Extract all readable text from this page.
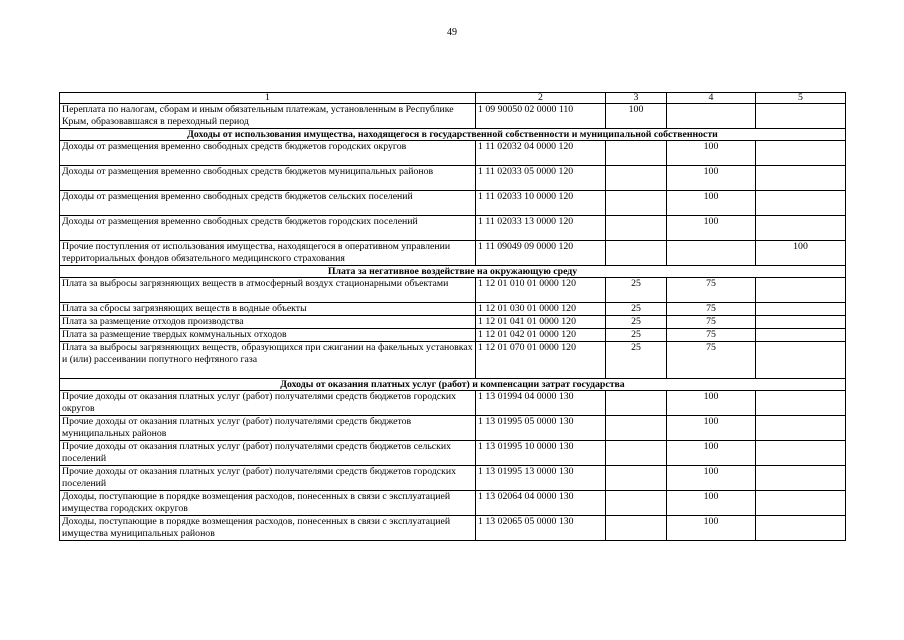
49
1	2	3	4	5
Переплата по налогам, сборам и иным обязательным платежам, установленным в Республике Крым, образовавшаяся в переходный период	1 09 90050 02 0000 110	100		
Доходы от использования имущества, находящегося в государственной собственности и муниципальной собственности				
Доходы от размещения временно свободных средств бюджетов городских округов	1 11 02032 04 0000 120		100	
Доходы от размещения временно свободных средств бюджетов муниципальных районов	1 11 02033 05 0000 120		100	
Доходы от размещения временно свободных средств бюджетов сельских поселений	1 11 02033 10 0000 120		100	
Доходы от размещения временно свободных средств бюджетов городских поселений	1 11 02033 13 0000 120		100	
Прочие поступления от использования имущества, находящегося в оперативном управлении территориальных фондов обязательного медицинского страхования	1 11 09049 09 0000 120			100
Плата за негативное воздействие на окружающую среду				
Плата за выбросы загрязняющих веществ в атмосферный воздух стационарными объектами	1 12 01 010 01 0000 120	25	75	
Плата за сбросы загрязняющих веществ в водные объекты	1 12 01 030 01 0000 120	25	75	
Плата за размещение отходов производства	1 12 01 041 01 0000 120	25	75	
Плата за размещение твердых коммунальных отходов	1 12 01 042 01 0000 120	25	75	
Плата за выбросы загрязняющих веществ, образующихся при сжигании на факельных установках и (или) рассеивании попутного нефтяного газа	1 12 01 070 01 0000 120	25	75	
Доходы от оказания платных услуг (работ) и компенсации затрат государства				
Прочие доходы от оказания платных услуг (работ) получателями средств бюджетов городских округов	1 13 01994 04 0000 130		100	
Прочие доходы от оказания платных услуг (работ) получателями средств бюджетов муниципальных районов	1 13 01995 05 0000 130		100	
Прочие доходы от оказания платных услуг (работ) получателями средств бюджетов сельских поселений	1 13 01995 10 0000 130		100	
Прочие доходы от оказания платных услуг (работ) получателями средств бюджетов городских поселений	1 13 01995 13 0000 130		100	
Доходы, поступающие в порядке возмещения расходов, понесенных в связи с эксплуатацией имущества городских округов	1 13 02064 04 0000 130		100	
Доходы, поступающие в порядке возмещения расходов, понесенных в связи с эксплуатацией имущества муниципальных районов	1 13 02065 05 0000 130		100	
